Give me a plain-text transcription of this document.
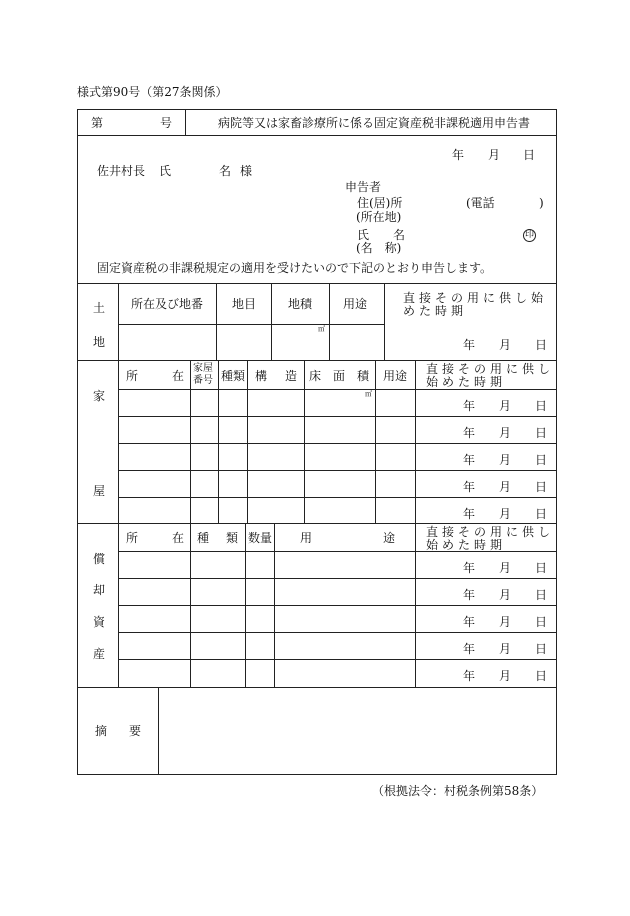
様式第90号（第27条関係）
第	号	病院等又は家畜診療所に係る固定資産税非課税適用申告書
年 月 日
佐井村長 氏	名 様
申告者
住(居)所
(所在地)
(電話	)
氏 名
(名　称)
印
固定資産税の非課税規定の適用を受けたいので下記のとおり申告します。
土
地
所在及び地番 地目	地積	用途	直接その用に供し始めた時期
㎡
年 月 日
家
屋
所	在
家屋番号 種類 構 造 床　面　積 用途 直接その用に供し始めた時期
㎡
年 月 日
年 月 日
年 月 日
年 月 日
年 月 日
償
却
資
産
所	在 種 類 数量 用	途	直接その用に供し始めた時期
年 月 日
年 月 日
年 月 日
年 月 日
年 月 日
摘 要
（根拠法令：村税条例第58条）
